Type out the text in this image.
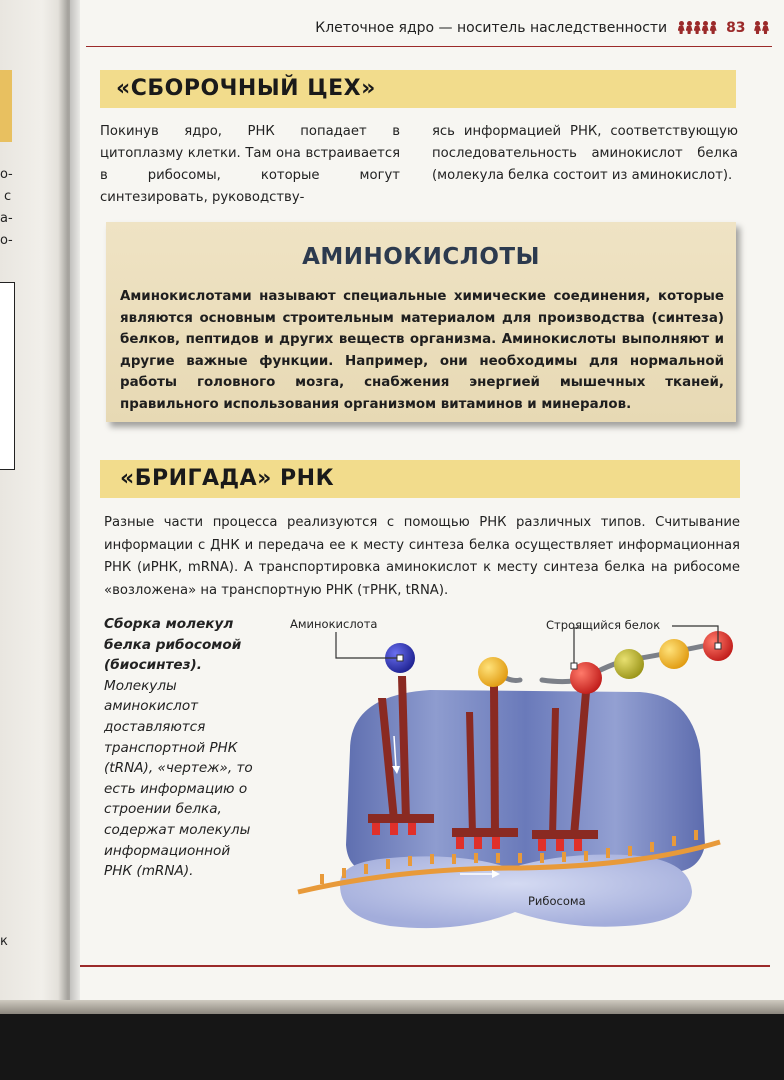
о-
с
а-
о-
к
Клеточное ядро — носитель наследственности	83
«СБОРОЧНЫЙ ЦЕХ»
Покинув ядро, РНК попадает в цитоплазму клетки. Там она встраивается в рибосомы, которые могут синтезировать, руководству-
ясь информацией РНК, соответствующую последовательность аминокислот белка (молекула белка состоит из аминокислот).
АМИНОКИСЛОТЫ
Аминокислотами называют специальные химические соединения, которые являются основным строительным материалом для производства (синтеза) белков, пептидов и других веществ организма. Аминокислоты выполняют и другие важные функции. Например, они необходимы для нормальной работы головного мозга, снабжения энергией мышечных тканей, правильного использования организмом витаминов и минералов.
«БРИГАДА» РНК
Разные части процесса реализуются с помощью РНК различных типов. Считывание информации с ДНК и передача ее к месту синтеза белка осуществляет информационная РНК (иРНК, mRNA). А транспортировка аминокислот к месту синтеза белка на рибосоме «возложена» на транспортную РНК (тРНК, tRNA).
Сборка молекул белка рибосомой (биосинтез). Молекулы аминокислот доставляются транспортной РНК (tRNA), «чертеж», то есть информацию о строении белка, содержат молекулы информационной РНК (mRNA).
Аминокислота	Строящийся белок
Рибосома
